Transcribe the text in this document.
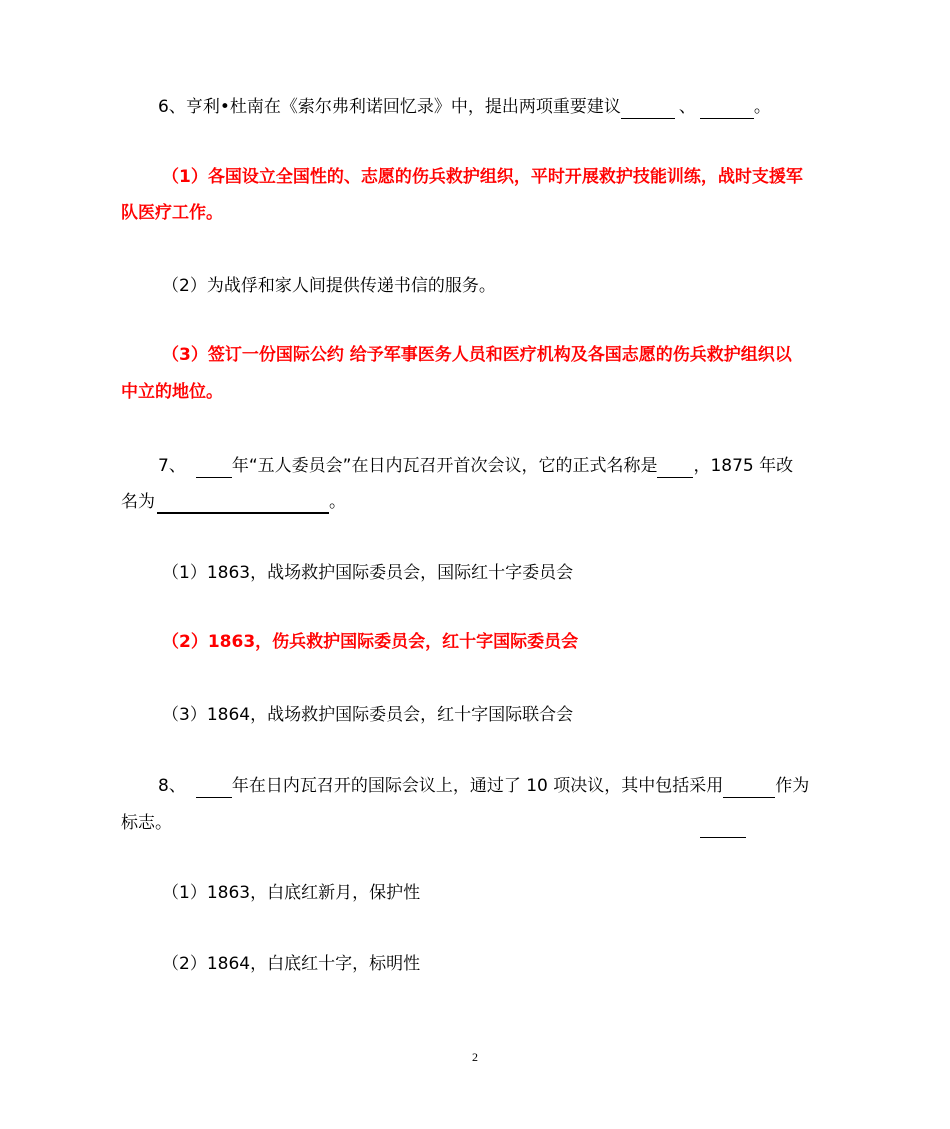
6、亨利•杜南在《索尔弗利诺回忆录》中，提出两项重要建议	、	。
（1）各国设立全国性的、志愿的伤兵救护组织，平时开展救护技能训练，战时支援军
队医疗工作。
（2）为战俘和家人间提供传递书信的服务。
（3）签订一份国际公约 给予军事医务人员和医疗机构及各国志愿的伤兵救护组织以
中立的地位。
7、	年“五人委员会”在日内瓦召开首次会议，它的正式名称是 ，1875 年改
名为	。
（1）1863，战场救护国际委员会，国际红十字委员会
（2）1863，伤兵救护国际委员会，红十字国际委员会
（3）1864，战场救护国际委员会，红十字国际联合会
8、	年在日内瓦召开的国际会议上，通过了 10 项决议，其中包括采用	作为
标志。
（1）1863，白底红新月，保护性
（2）1864，白底红十字，标明性
2
